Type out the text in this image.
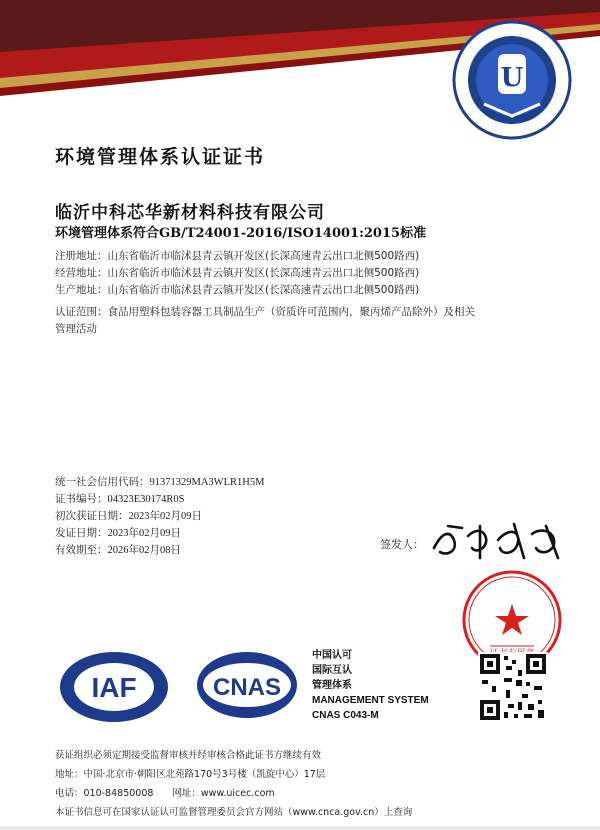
U
环境管理体系认证证书
临沂中科芯华新材料科技有限公司
环境管理体系符合GB/T24001-2016/ISO14001:2015标准
注册地址：山东省临沂市临沭县青云镇开发区(长深高速青云出口北侧500路西)
经营地址：山东省临沂市临沭县青云镇开发区(长深高速青云出口北侧500路西)
生产地址：山东省临沂市临沭县青云镇开发区(长深高速青云出口北侧500路西)
认证范围：食品用塑料包装容器工具制品生产（资质许可范围内，聚丙烯产品除外）及相关
管理活动
统一社会信用代码：91371329MA3WLR1H5M
证书编号：04323E30174R0S
初次获证日期：2023年02月09日
发证日期：2023年02月09日
有效期至：2026年02月08日	签发人：
IAF	CNAS
中国认可
国际互认
管理体系
MANAGEMENT SYSTEM
CNAS C043-M
获证组织必须定期接受监督审核并经审核合格此证书方继续有效
地址：中国·北京市·朝阳区北苑路170号3号楼（凯旋中心）17层
电话：010-84850008　　网址：www.uicec.com
本证书信息可在国家认证认可监督管理委员会官方网站（www.cnca.gov.cn）上查询
